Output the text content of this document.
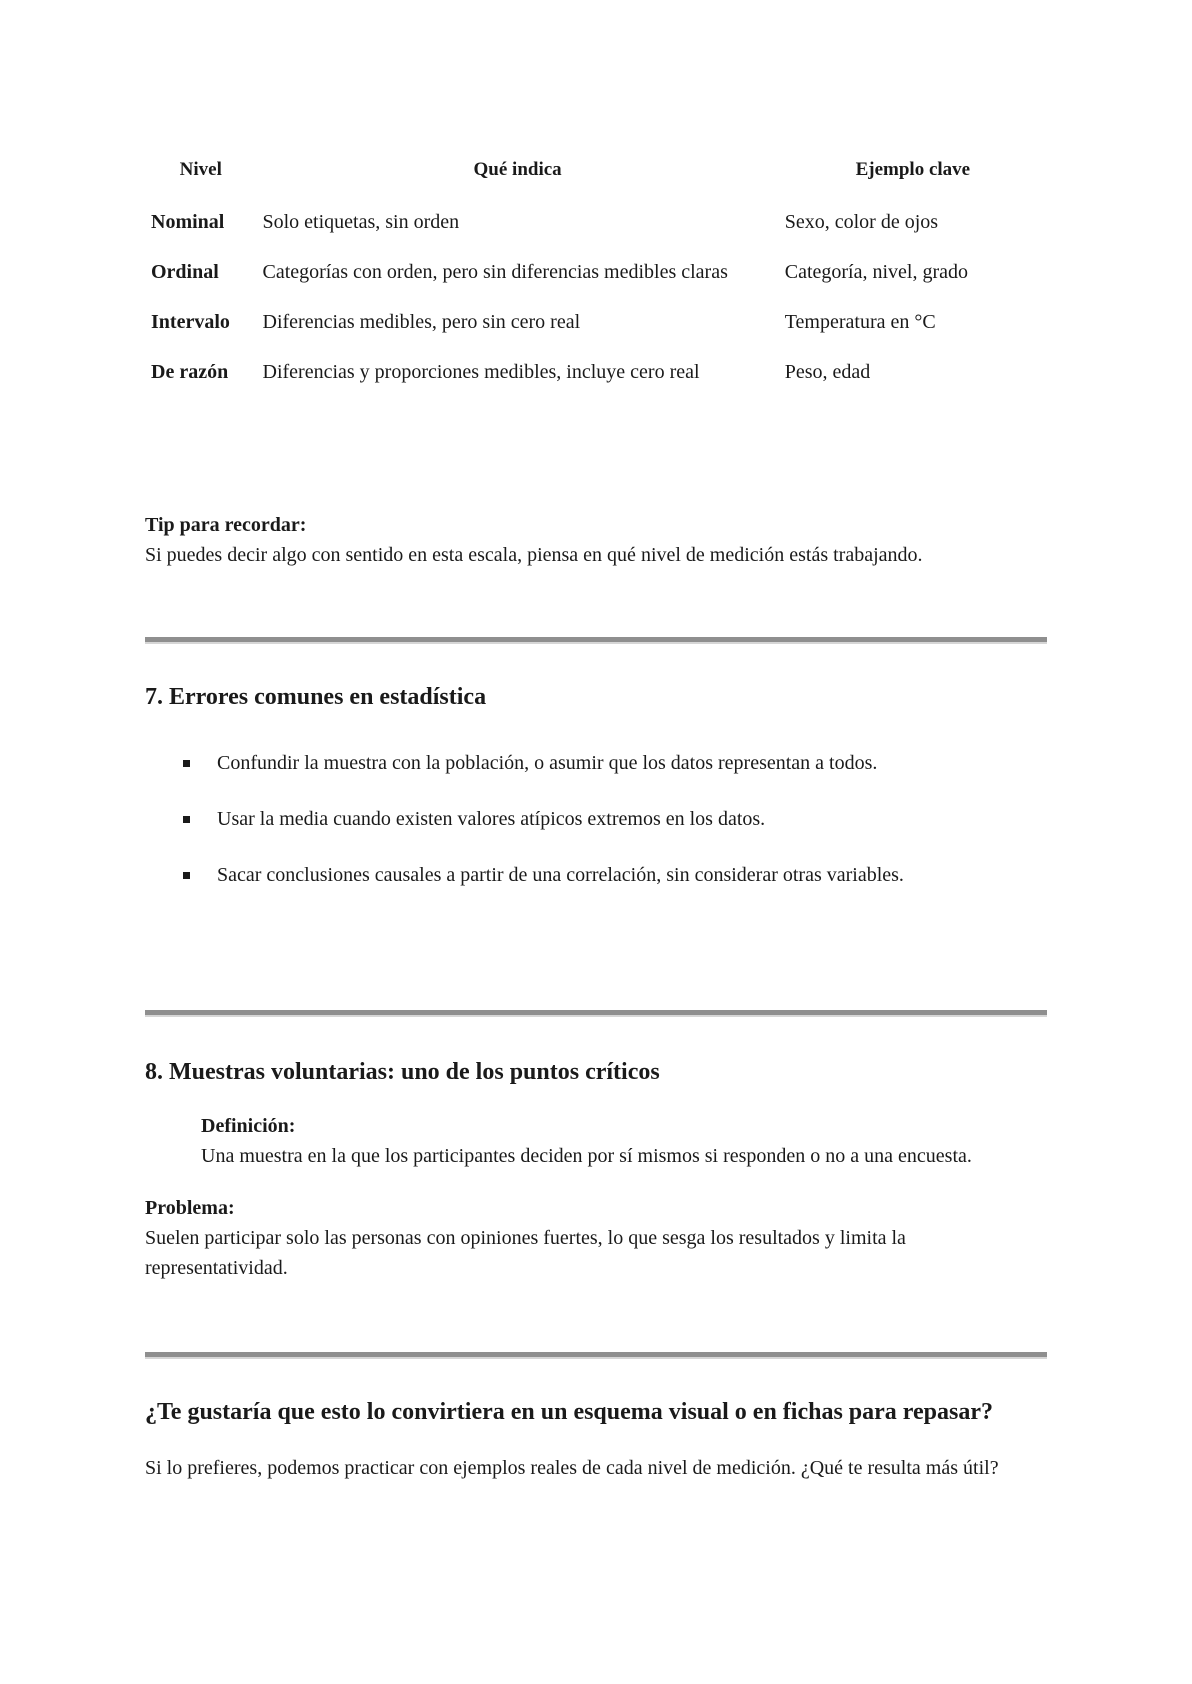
Nivel	Qué indica	Ejemplo clave
Nominal	Solo etiquetas, sin orden	Sexo, color de ojos
Ordinal	Categorías con orden, pero sin diferencias medibles claras	Categoría, nivel, grado
Intervalo	Diferencias medibles, pero sin cero real	Temperatura en °C
De razón	Diferencias y proporciones medibles, incluye cero real	Peso, edad
Tip para recordar:
Si puedes decir algo con sentido en esta escala, piensa en qué nivel de medición estás trabajando.
7. Errores comunes en estadística
Confundir la muestra con la población, o asumir que los datos representan a todos.
Usar la media cuando existen valores atípicos extremos en los datos.
Sacar conclusiones causales a partir de una correlación, sin considerar otras variables.
8. Muestras voluntarias: uno de los puntos críticos
Definición:
Una muestra en la que los participantes deciden por sí mismos si responden o no a una encuesta.
Problema:
Suelen participar solo las personas con opiniones fuertes, lo que sesga los resultados y limita la representatividad.
¿Te gustaría que esto lo convirtiera en un esquema visual o en fichas para repasar?
Si lo prefieres, podemos practicar con ejemplos reales de cada nivel de medición. ¿Qué te resulta más útil?
